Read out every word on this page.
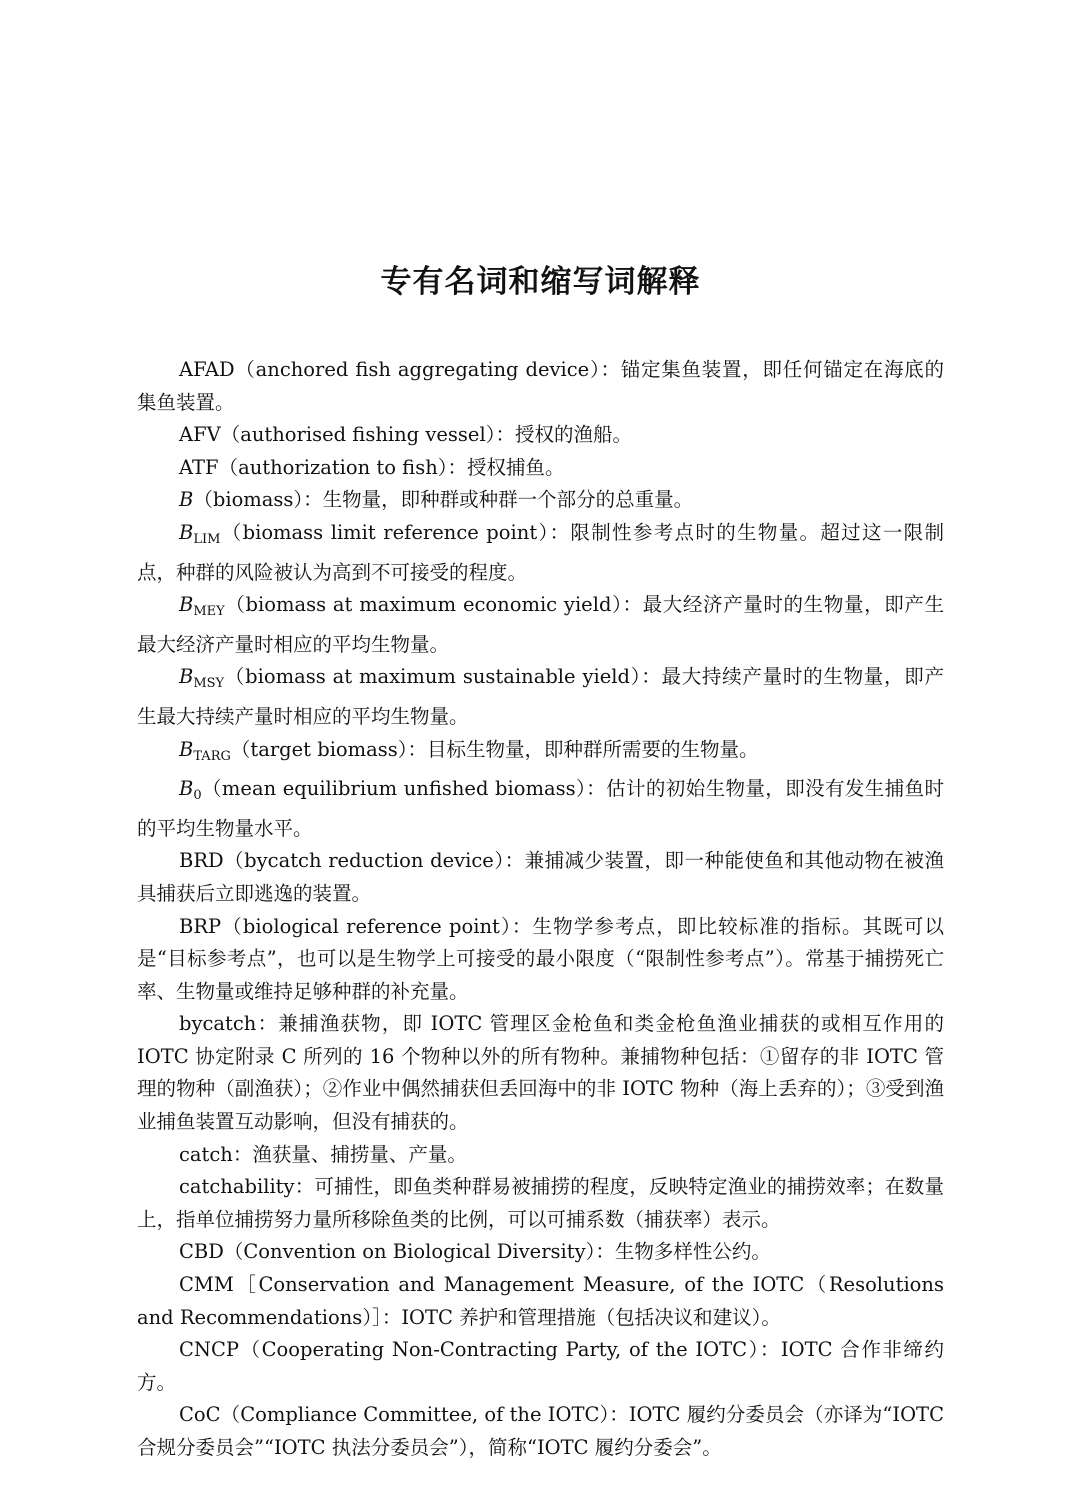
专有名词和缩写词解释

AFAD（anchored fish aggregating device）：锚定集鱼装置，即任何锚定在海底的集鱼装置。

AFV（authorised fishing vessel）：授权的渔船。

ATF（authorization to fish）：授权捕鱼。

B（biomass）：生物量，即种群或种群一个部分的总重量。

$B_{LIM}(biomass$ limit reference point）：限制性参考点时的生物量。超过这一限制点，种群的风险被认为高到不可接受的程度。

$B_{MEY}(biomass$ at maximum economic yield）：最大经济产量时的生物量，即产生最大经济产量时相应的平均生物量。

$B_{MSY}(biomass$ at maximum sustainable yield）：最大持续产量时的生物量，即产生最大持续产量时相应的平均生物量。

$B_{TARG}(target$ biomass）：目标生物量，即种群所需要的生物量。

$B_0(mean$ equilibrium unfished biomass）：估计的初始生物量，即没有发生捕鱼时的平均生物量水平。

BRD（bycatch reduction device）：兼捕减少装置，即一种能使鱼和其他动物在被渔具捕获后立即逃逸的装置。

BRP（biological reference point）：生物学参考点，即比较标准的指标。其既可以是“目标参考点”，也可以是生物学上可接受的最小限度（“限制性参考点”）。常基于捕捞死亡率、生物量或维持足够种群的补充量。

bycatch：兼捕渔获物，即 IOTC 管理区金枪鱼和类金枪鱼渔业捕获的或相互作用的 IOTC 协定附录 C 所列的 16 个物种以外的所有物种。兼捕物种包括：①留存的非 IOTC 管理的物种（副渔获）；②作业中偶然捕获但丢回海中的非 IOTC 物种（海上丢弃的）；③受到渔业捕鱼装置互动影响，但没有捕获的。

catch：渔获量、捕捞量、产量。

catchability：可捕性，即鱼类种群易被捕捞的程度，反映特定渔业的捕捞效率；在数量上，指单位捕捞努力量所移除鱼类的比例，可以可捕系数（捕获率）表示。

CBD（Convention on Biological Diversity）：生物多样性公约。

CMM［Conservation and Management Measure, of the IOTC（Resolutions and Recommendations）］：IOTC 养护和管理措施（包括决议和建议）。

CNCP（Cooperating Non-Contracting Party, of the IOTC）：IOTC 合作非缔约方。

CoC（Compliance Committee, of the IOTC）：IOTC 履约分委员会（亦译为“IOTC 合规分委员会”“IOTC 执法分委员会”），简称“IOTC 履约分委会”。
